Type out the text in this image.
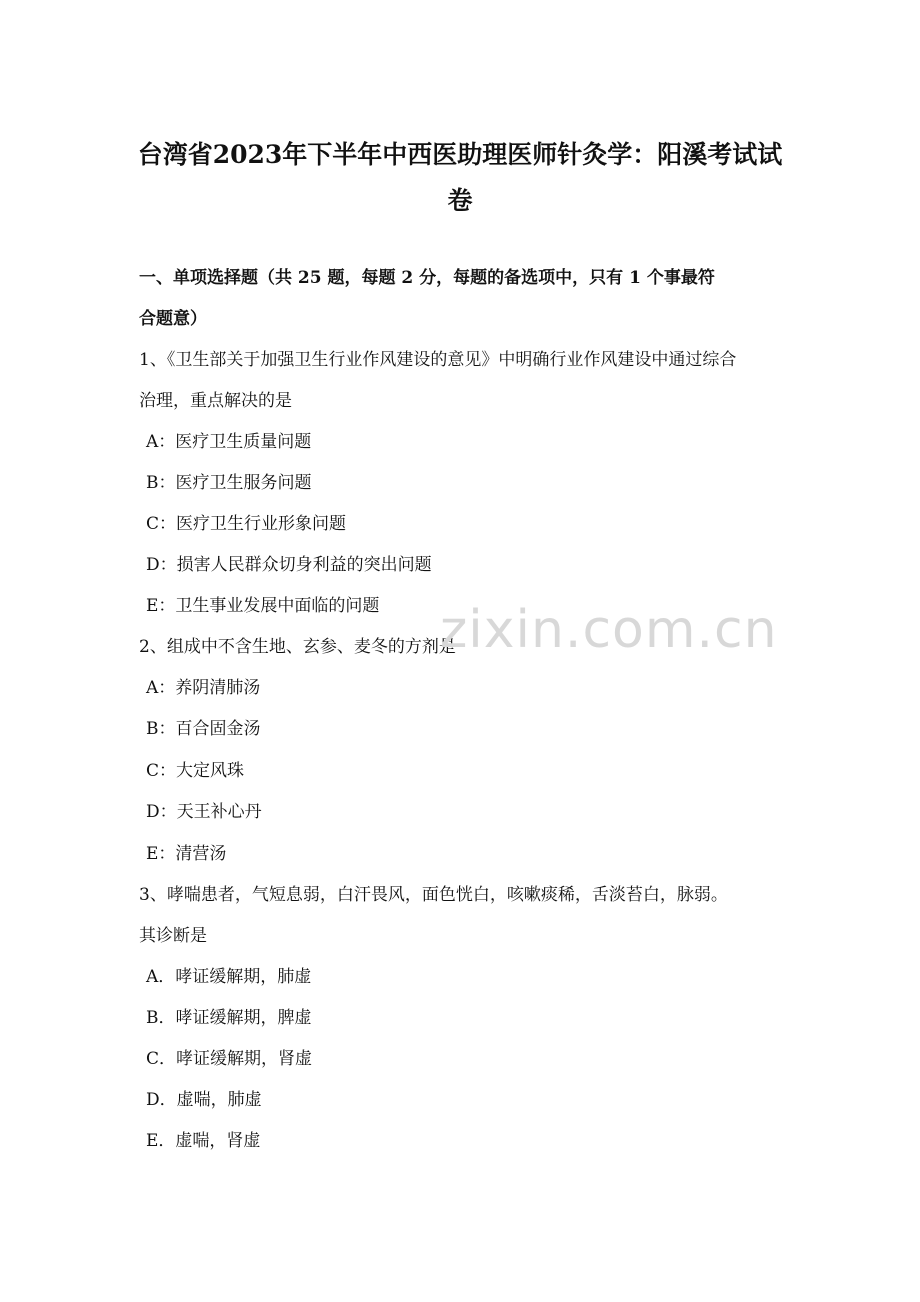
台湾省2023年下半年中西医助理医师针灸学：阳溪考试试
卷
一、单项选择题（共 25 题，每题 2 分，每题的备选项中，只有 1 个事最符
合题意）
1、《卫生部关于加强卫生行业作风建设的意见》中明确行业作风建设中通过综合
治理，重点解决的是
A：医疗卫生质量问题
B：医疗卫生服务问题
C：医疗卫生行业形象问题
D：损害人民群众切身利益的突出问题
E：卫生事业发展中面临的问题
2、组成中不含生地、玄参、麦冬的方剂是
A：养阴清肺汤
B：百合固金汤
C：大定风珠
D：天王补心丹
E：清营汤
3、哮喘患者，气短息弱，白汗畏风，面色恍白，咳嗽痰稀，舌淡苔白，脉弱。
其诊断是
A．哮证缓解期，肺虚
B．哮证缓解期，脾虚
C．哮证缓解期，肾虚
D．虚喘，肺虚
E．虚喘，肾虚
zixin.com.cn
